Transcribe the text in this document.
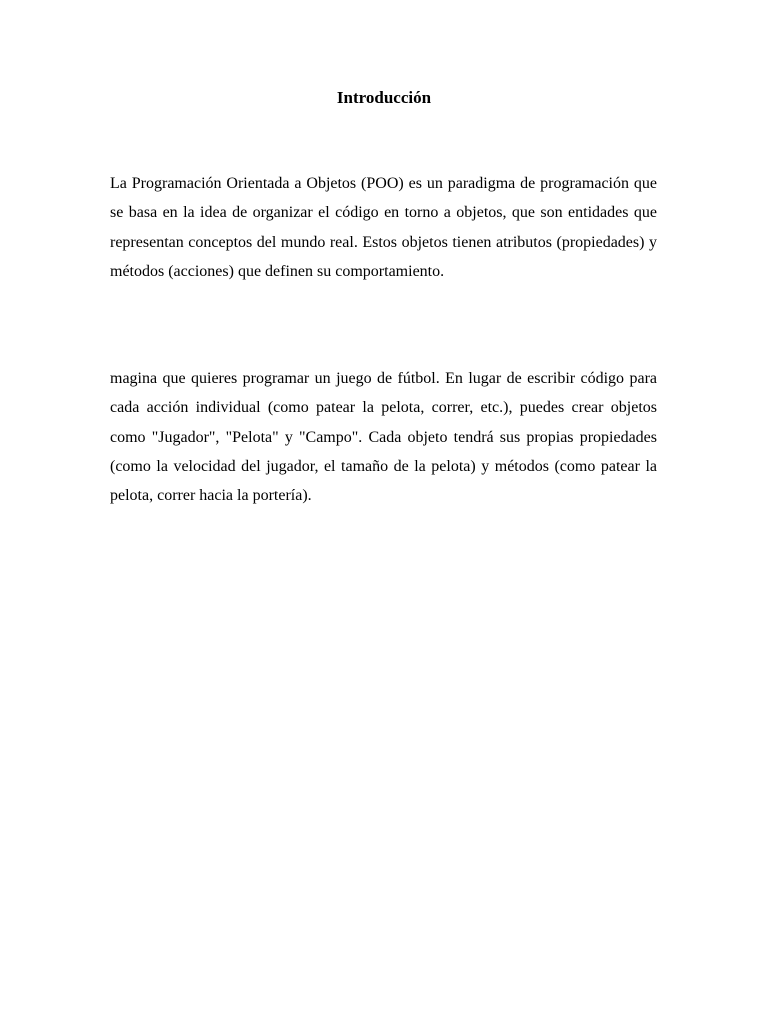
Introducción

La Programación Orientada a Objetos (POO) es un paradigma de programación que se basa en la idea de organizar el código en torno a objetos, que son entidades que representan conceptos del mundo real. Estos objetos tienen atributos (propiedades) y métodos (acciones) que definen su comportamiento.

magina que quieres programar un juego de fútbol. En lugar de escribir código para cada acción individual (como patear la pelota, correr, etc.), puedes crear objetos como "Jugador", "Pelota" y "Campo". Cada objeto tendrá sus propias propiedades (como la velocidad del jugador, el tamaño de la pelota) y métodos (como patear la pelota, correr hacia la portería).
